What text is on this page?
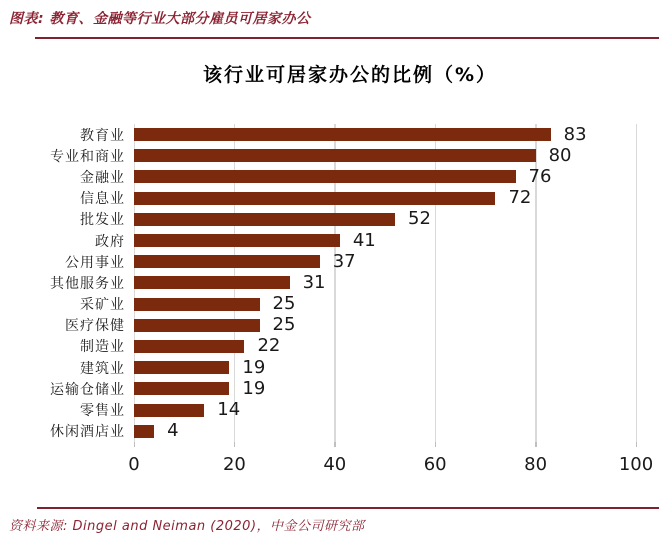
图表: 教育、金融等行业大部分雇员可居家办公
该行业可居家办公的比例（%）
教育业	83
专业和商业	80
金融业	76
信息业	72
批发业	52
政府	41
公用事业	37
其他服务业	31
采矿业	25
医疗保健	25
制造业	22
建筑业	19
运输仓储业	19
零售业	14
休闲酒店业	4
0	20	40	60	80	100
资料来源: Dingel and Neiman (2020)，中金公司研究部
